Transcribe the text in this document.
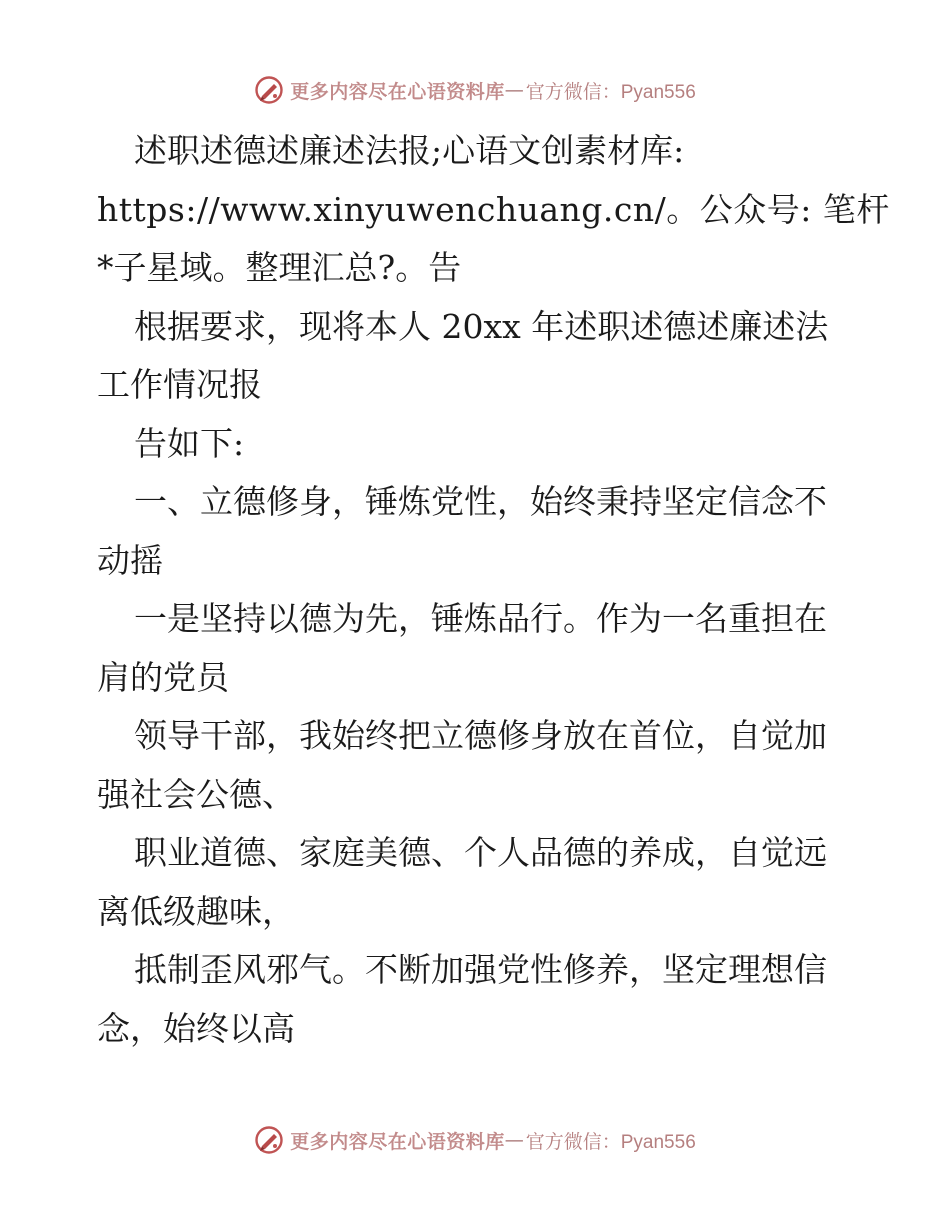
更多内容尽在心语资料库 — 官方微信：Pyan556
述职述德述廉述法报;心语文创素材库:
https://www.xinyuwenchuang.cn/。公众号: 笔杆
*子星域。整理汇总?。告
根据要求，现将本人 20xx 年述职述德述廉述法
工作情况报
告如下:
一、立德修身，锤炼党性，始终秉持坚定信念不
动摇
一是坚持以德为先，锤炼品行。作为一名重担在
肩的党员
领导干部，我始终把立德修身放在首位，自觉加
强社会公德、
职业道德、家庭美德、个人品德的养成，自觉远
离低级趣味，
抵制歪风邪气。不断加强党性修养，坚定理想信
念，始终以高
更多内容尽在心语资料库 — 官方微信：Pyan556
